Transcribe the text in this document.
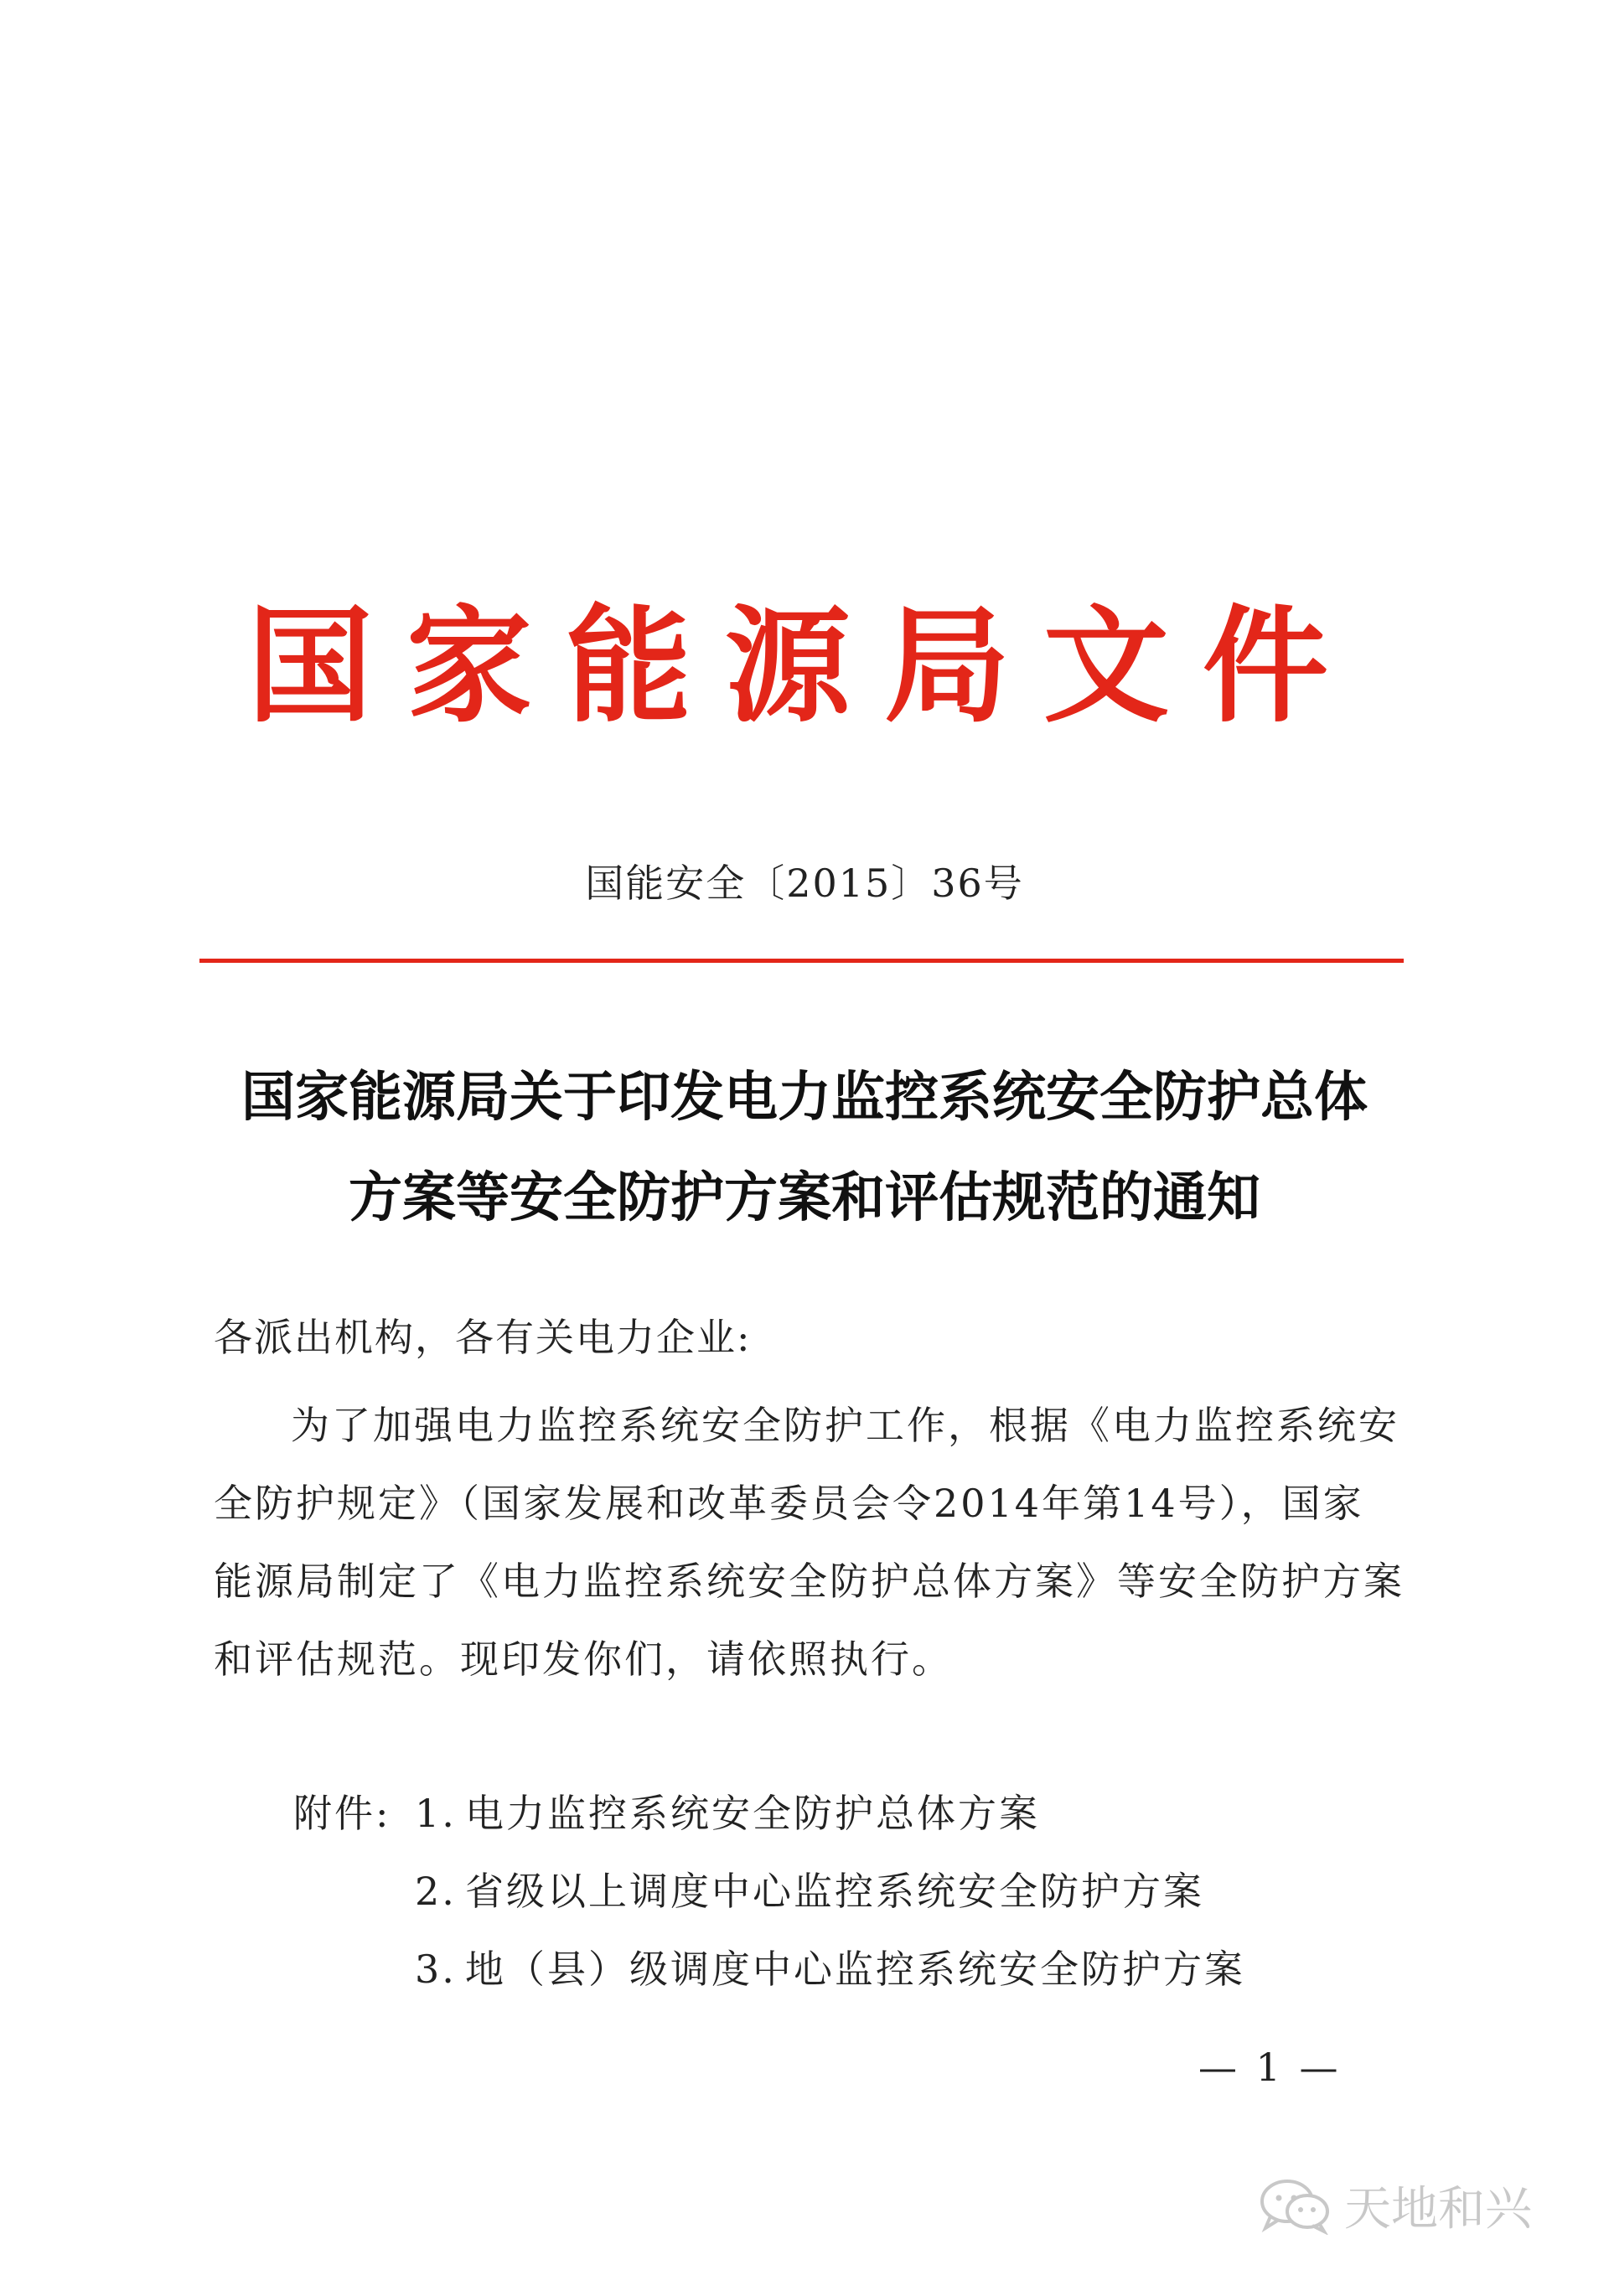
国家能源局文件
国能安全〔2015〕36号
国家能源局关于印发电力监控系统安全防护总体
方案等安全防护方案和评估规范的通知
各派出机构，各有关电力企业:
为了加强电力监控系统安全防护工作，根据《电力监控系统安
全防护规定》（国家发展和改革委员会令2014年第14号），国家
能源局制定了《电力监控系统安全防护总体方案》等安全防护方案
和评估规范。现印发你们，请依照执行。
附件: 1. 电力监控系统安全防护总体方案
2. 省级以上调度中心监控系统安全防护方案
3. 地（县）级调度中心监控系统安全防护方案
— 1 —
天地和兴
